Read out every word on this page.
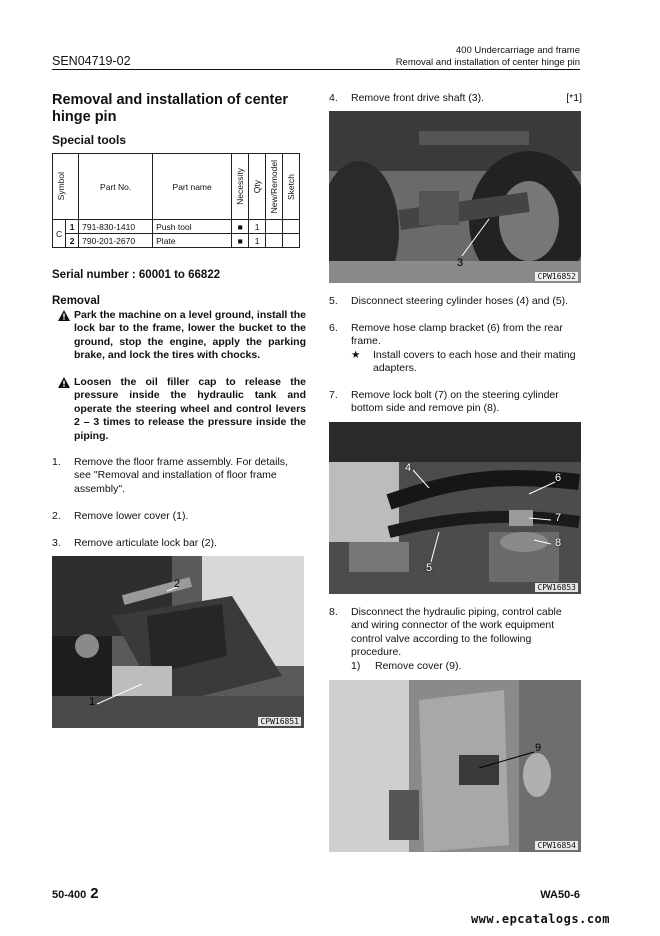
SEN04719-02
400 Undercarriage and frame
Removal and installation of center hinge pin
Removal and installation of center hinge pin
Special tools
Symbol		Part No.	Part name	Necessity	Qty	New/Remodel	Sketch

C	1	791-830-1410	Push tool	■	1		
	2	790-201-2670	Plate	■	1		
Serial number : 60001 to 66822
Removal
Park the machine on a level ground, install the lock bar to the frame, lower the bucket to the ground, stop the engine, apply the parking brake, and lock the tires with chocks.
Loosen the oil filler cap to release the pressure inside the hydraulic tank and operate the steering wheel and control levers 2 – 3 times to release the pressure inside the piping.
1.	Remove the floor frame assembly. For details, see "Removal and installation of floor frame assembly".
2.	Remove lower cover (1).
3.	Remove articulate lock bar (2).
2
1
CPW16851
4.	Remove front drive shaft (3).	[*1]
3
CPW16852
5.	Disconnect steering cylinder hoses (4) and (5).
6.	Remove hose clamp bracket (6) from the rear frame.
★	Install covers to each hose and their mating adapters.
7.	Remove lock bolt (7) on the steering cylinder bottom side and remove pin (8).
4
6
7
8
5
CPW16853
8.	Disconnect the hydraulic piping, control cable and wiring connector of the work equipment control valve according to the following procedure.
1)	Remove cover (9).
9
CPW16854
50-400 2	WA50-6
www.epcatalogs.com
